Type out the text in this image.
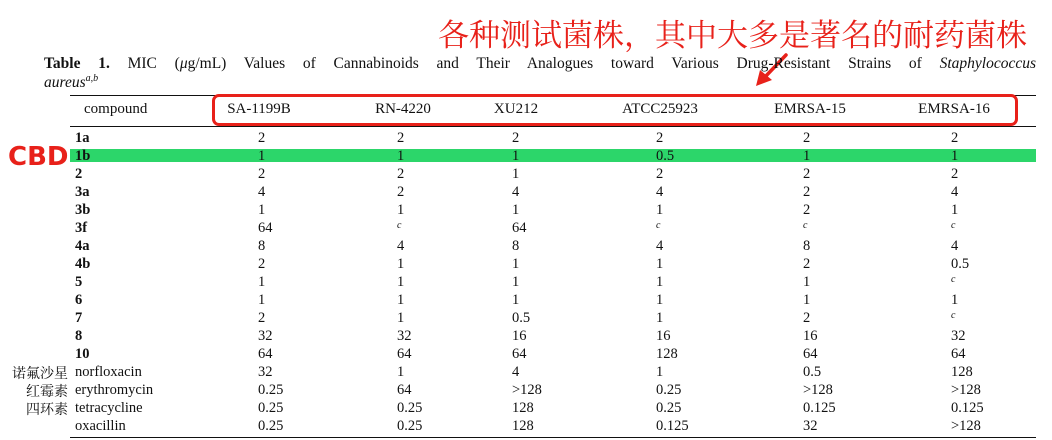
各种测试菌株，其中大多是著名的耐药菌株
Table 1. MIC (μg/mL) Values of Cannabinoids and Their Analogues toward Various Drug-Resistant Strains of Staphylococcus
aureus$^{a,b}$
compound	SA-1199B	RN-4220	XU212	ATCC25923	EMRSA-15	EMRSA-16
CBD
1a	2	2	2	2	2	2
1b	1	1	1	0.5	1	1
2	2	2	1	2	2	2
3a	4	2	4	4	2	4
3b	1	1	1	1	2	1
3f	64	c	64	c	c	c
4a	8	4	8	4	8	4
4b	2	1	1	1	2	0.5
5	1	1	1	1	1	c
6	1	1	1	1	1	1
7	2	1	0.5	1	2	c
8	32	32	16	16	16	32
10	64	64	64	128	64	64
norfloxacin	32	1	4	1	0.5	128
诺氟沙星
erythromycin	0.25	64	>128	0.25	>128	>128
红霉素
tetracycline	0.25	0.25	128	0.25	0.125	0.125
四环素
oxacillin	0.25	0.25	128	0.125	32	>128
